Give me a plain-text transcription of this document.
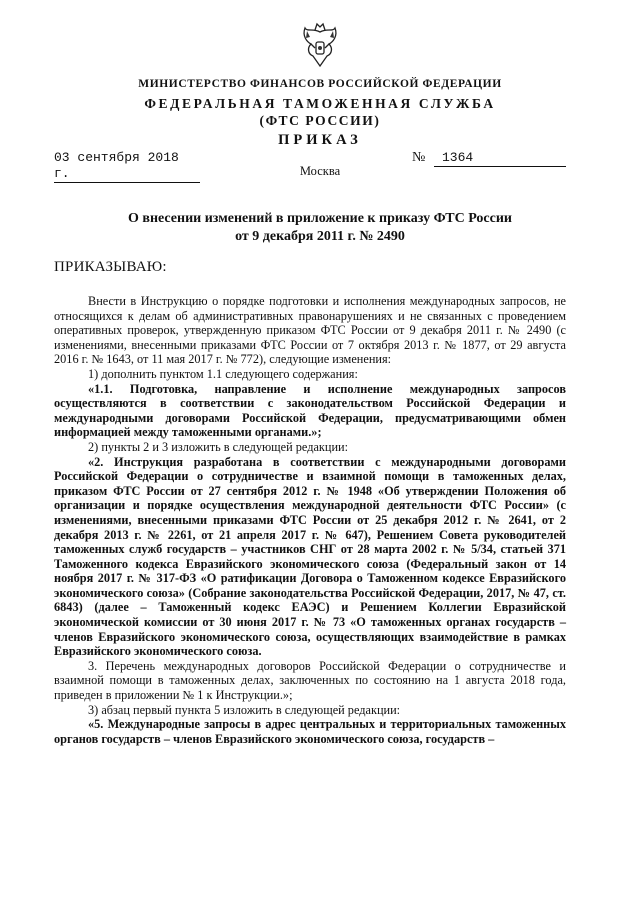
МИНИСТЕРСТВО ФИНАНСОВ РОССИЙСКОЙ ФЕДЕРАЦИИ
ФЕДЕРАЛЬНАЯ ТАМОЖЕННАЯ СЛУЖБА
(ФТС РОССИИ)
ПРИКАЗ
03 сентября 2018 г.
№	1364
Москва
О внесении изменений в приложение к приказу ФТС России
от 9 декабря 2011 г. № 2490
ПРИКАЗЫВАЮ:

Внести в Инструкцию о порядке подготовки и исполнения международных запросов, не относящихся к делам об административных правонарушениях и не связанных с проведением оперативных проверок, утвержденную приказом ФТС России от 9 декабря 2011 г. № 2490 (с изменениями, внесенными приказами ФТС России от 7 октября 2013 г. № 1877, от 29 августа 2016 г. № 1643, от 11 мая 2017 г. № 772), следующие изменения:

1) дополнить пунктом 1.1 следующего содержания:

«1.1. Подготовка, направление и исполнение международных запросов осуществляются в соответствии с законодательством Российской Федерации и международными договорами Российской Федерации, предусматривающими обмен информацией между таможенными органами.»;

2) пункты 2 и 3 изложить в следующей редакции:

«2. Инструкция разработана в соответствии с международными договорами Российской Федерации о сотрудничестве и взаимной помощи в таможенных делах, приказом ФТС России от 27 сентября 2012 г. № 1948 «Об утверждении Положения об организации и порядке осуществления международной деятельности ФТС России» (с изменениями, внесенными приказами ФТС России от 25 декабря 2012 г. № 2641, от 2 декабря 2013 г. № 2261, от 21 апреля 2017 г. № 647), Решением Совета руководителей таможенных служб государств – участников СНГ от 28 марта 2002 г. № 5/34, статьей 371 Таможенного кодекса Евразийского экономического союза (Федеральный закон от 14 ноября 2017 г. № 317-ФЗ «О ратификации Договора о Таможенном кодексе Евразийского экономического союза» (Собрание законодательства Российской Федерации, 2017, № 47, ст. 6843) (далее – Таможенный кодекс ЕАЭС) и Решением Коллегии Евразийской экономической комиссии от 30 июня 2017 г. № 73 «О таможенных органах государств – членов Евразийского экономического союза, осуществляющих взаимодействие в рамках Евразийского экономического союза.

3. Перечень международных договоров Российской Федерации о сотрудничестве и взаимной помощи в таможенных делах, заключенных по состоянию на 1 августа 2018 года, приведен в приложении № 1 к Инструкции.»;

3) абзац первый пункта 5 изложить в следующей редакции:

«5. Международные запросы в адрес центральных и территориальных таможенных органов государств – членов Евразийского экономического союза, государств –
